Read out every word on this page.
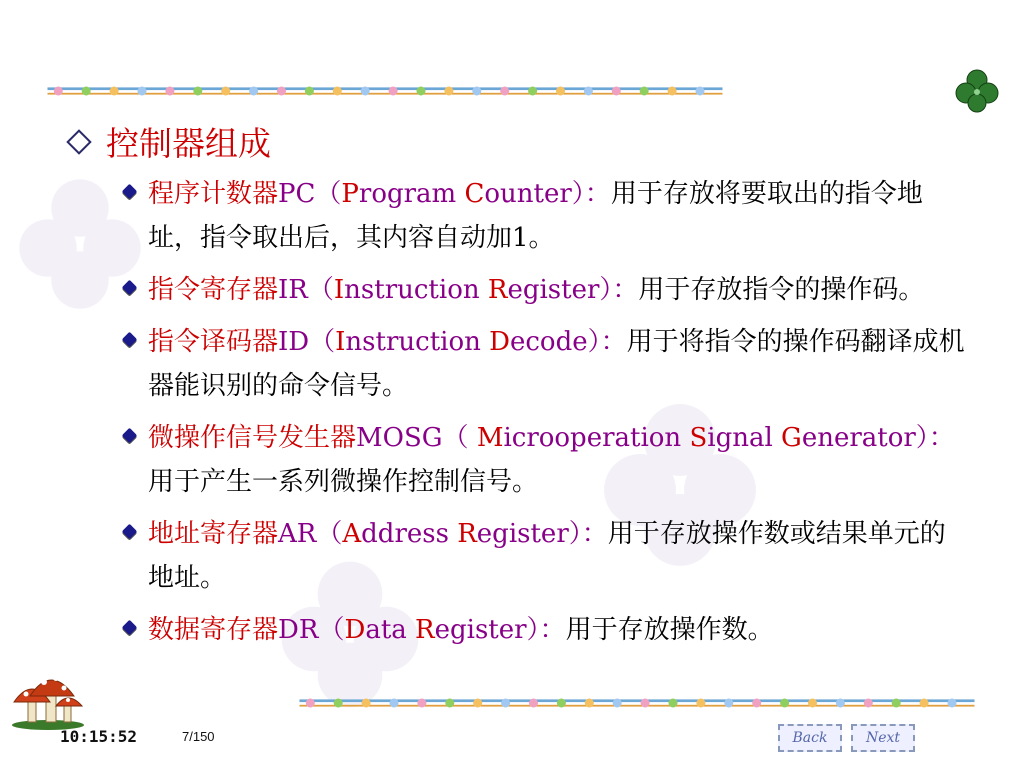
控制器组成
程序计数器PC（Program Counter）：用于存放将要取出的指令地址，指令取出后，其内容自动加1。
指令寄存器IR（Instruction Register）：用于存放指令的操作码。
指令译码器ID（Instruction Decode）：用于将指令的操作码翻译成机器能识别的命令信号。
微操作信号发生器MOSG（ Microoperation Signal Generator）：用于产生一系列微操作控制信号。
地址寄存器AR（Address Register）：用于存放操作数或结果单元的地址。
数据寄存器DR（Data Register）：用于存放操作数。
10:15:52	7/150	Back	Next
